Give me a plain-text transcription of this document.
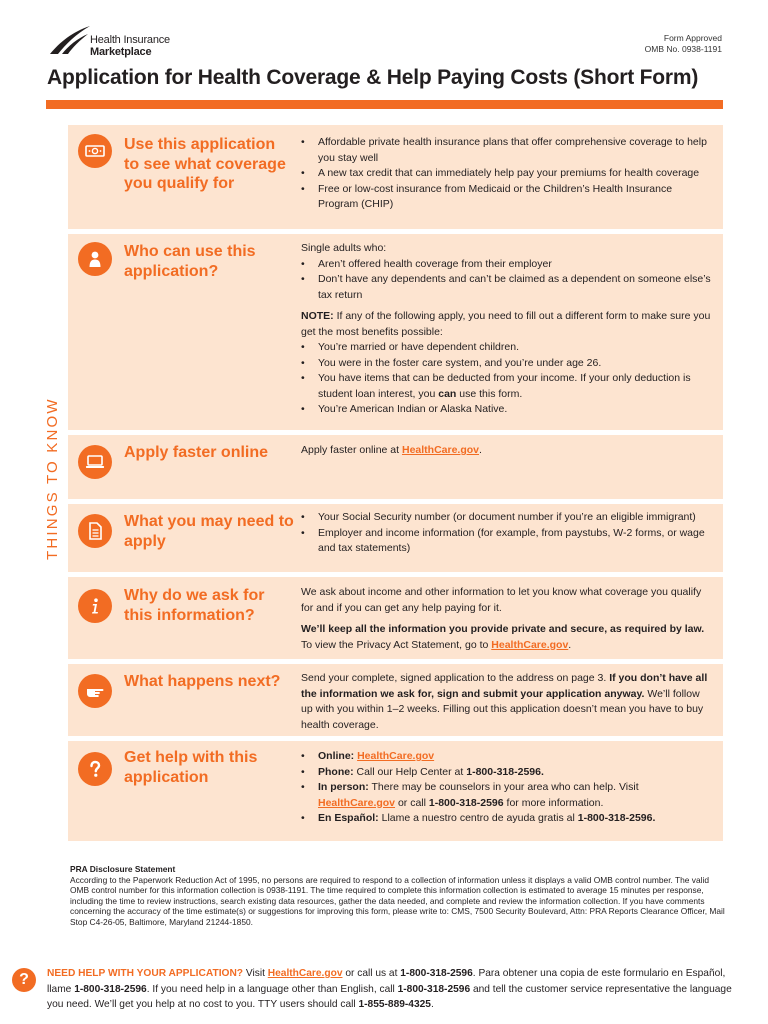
Health Insurance
Marketplace
Form Approved
OMB No. 0938-1191
Application for Health Coverage & Help Paying Costs (Short Form)
THINGS TO KNOW
Use this application to see what coverage you qualify for
• Affordable private health insurance plans that offer comprehensive coverage to help you stay well
• A new tax credit that can immediately help pay your premiums for health coverage
• Free or low-cost insurance from Medicaid or the Children’s Health Insurance Program (CHIP)
Who can use this application?

Single adults who:

• Aren’t offered health coverage from their employer
• Don’t have any dependents and can’t be claimed as a dependent on someone else’s tax return

NOTE: If any of the following apply, you need to fill out a different form to make sure you get the most benefits possible:

• You’re married or have dependent children.
• You were in the foster care system, and you’re under age 26.
• You have items that can be deducted from your income. If your only deduction is student loan interest, you can use this form.
• You’re American Indian or Alaska Native.
Apply faster online	Apply faster online at HealthCare.gov.

What you may need to apply
• Your Social Security number (or document number if you’re an eligible immigrant)
• Employer and income information (for example, from paystubs, W-2 forms, or wage and tax statements)
Why do we ask for this information?

We ask about income and other information to let you know what coverage you qualify for and if you can get any help paying for it.

We’ll keep all the information you provide private and secure, as required by law. To view the Privacy Act Statement, go to HealthCare.gov.

What happens next?	Send your complete, signed application to the address on page 3. If you don’t have all the information we ask for, sign and submit your application anyway. We’ll follow up with you within 1–2 weeks. Filling out this application doesn’t mean you have to buy health coverage.

Get help with this application
• Online: HealthCare.gov
• Phone: Call our Help Center at 1-800-318-2596.
• In person: There may be counselors in your area who can help. Visit HealthCare.gov or call 1-800-318-2596 for more information.
• En Español: Llame a nuestro centro de ayuda gratis al 1-800-318-2596.
PRA Disclosure Statement
According to the Paperwork Reduction Act of 1995, no persons are required to respond to a collection of information unless it displays a valid OMB control number. The valid OMB control number for this information collection is 0938-1191. The time required to complete this information collection is estimated to average 15 minutes per response, including the time to review instructions, search existing data resources, gather the data needed, and complete and review the information collection. If you have comments concerning the accuracy of the time estimate(s) or suggestions for improving this form, please write to: CMS, 7500 Security Boulevard, Attn: PRA Reports Clearance Officer, Mail Stop C4-26-05, Baltimore, Maryland 21244-1850.
?	NEED HELP WITH YOUR APPLICATION? Visit HealthCare.gov or call us at 1-800-318-2596. Para obtener una copia de este formulario en Español, llame 1-800-318-2596. If you need help in a language other than English, call 1-800-318-2596 and tell the customer service representative the language you need. We’ll get you help at no cost to you. TTY users should call 1-855-889-4325.
